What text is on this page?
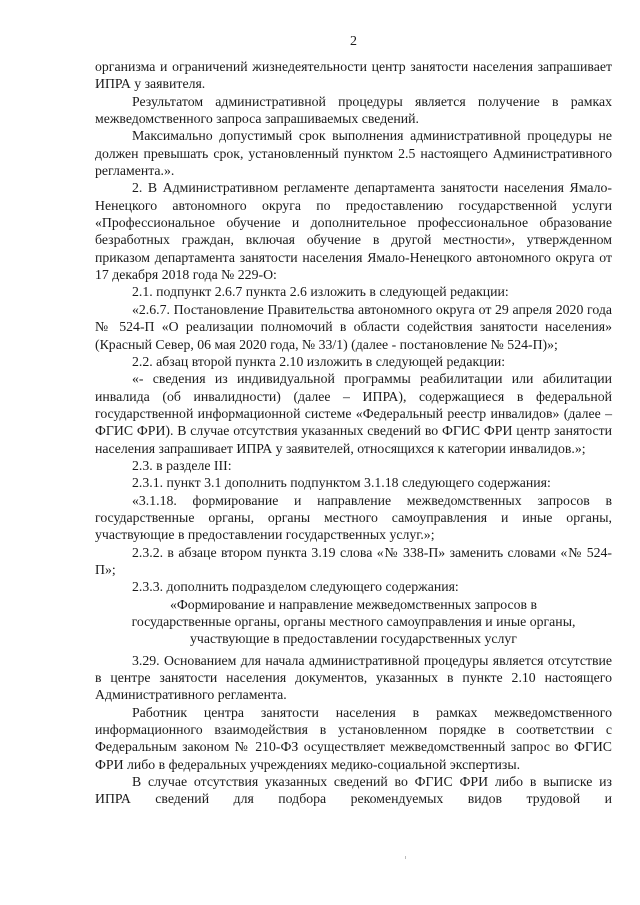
2

организма и ограничений жизнедеятельности центр занятости населения запрашивает ИПРА у заявителя.

Результатом административной процедуры является получение в рамках межведомственного запроса запрашиваемых сведений.

Максимально допустимый срок выполнения административной процедуры не должен превышать срок, установленный пунктом 2.5 настоящего Административного регламента.».

2. В Административном регламенте департамента занятости населения Ямало-Ненецкого автономного округа по предоставлению государственной услуги «Профессиональное обучение и дополнительное профессиональное образование безработных граждан, включая обучение в другой местности», утвержденном приказом департамента занятости населения Ямало-Ненецкого автономного округа от 17 декабря 2018 года № 229-О:

2.1. подпункт 2.6.7 пункта 2.6 изложить в следующей редакции:

«2.6.7. Постановление Правительства автономного округа от 29 апреля 2020 года № 524-П «О реализации полномочий в области содействия занятости населения» (Красный Север, 06 мая 2020 года, № 33/1) (далее - постановление № 524-П)»;

2.2. абзац второй пункта 2.10 изложить в следующей редакции:

«- сведения из индивидуальной программы реабилитации или абилитации инвалида (об инвалидности) (далее – ИПРА), содержащиеся в федеральной государственной информационной системе «Федеральный реестр инвалидов» (далее – ФГИС ФРИ). В случае отсутствия указанных сведений во ФГИС ФРИ центр занятости населения запрашивает ИПРА у заявителей, относящихся к категории инвалидов.»;

2.3. в разделе III:

2.3.1. пункт 3.1 дополнить подпунктом 3.1.18 следующего содержания:

«3.1.18. формирование и направление межведомственных запросов в государственные органы, органы местного самоуправления и иные органы, участвующие в предоставлении государственных услуг.»;

2.3.2. в абзаце втором пункта 3.19 слова «№ 338-П» заменить словами «№ 524-П»;

2.3.3. дополнить подразделом следующего содержания:

«Формирование и направление межведомственных запросов в
государственные органы, органы местного самоуправления и иные органы,
участвующие в предоставлении государственных услуг

3.29. Основанием для начала административной процедуры является отсутствие в центре занятости населения документов, указанных в пункте 2.10 настоящего Административного регламента.

Работник центра занятости населения в рамках межведомственного информационного взаимодействия в установленном порядке в соответствии с Федеральным законом № 210-ФЗ осуществляет межведомственный запрос во ФГИС ФРИ либо в федеральных учреждениях медико-социальной экспертизы.

В случае отсутствия указанных сведений во ФГИС ФРИ либо в выписке из ИПРА сведений для подбора рекомендуемых видов трудовой и
